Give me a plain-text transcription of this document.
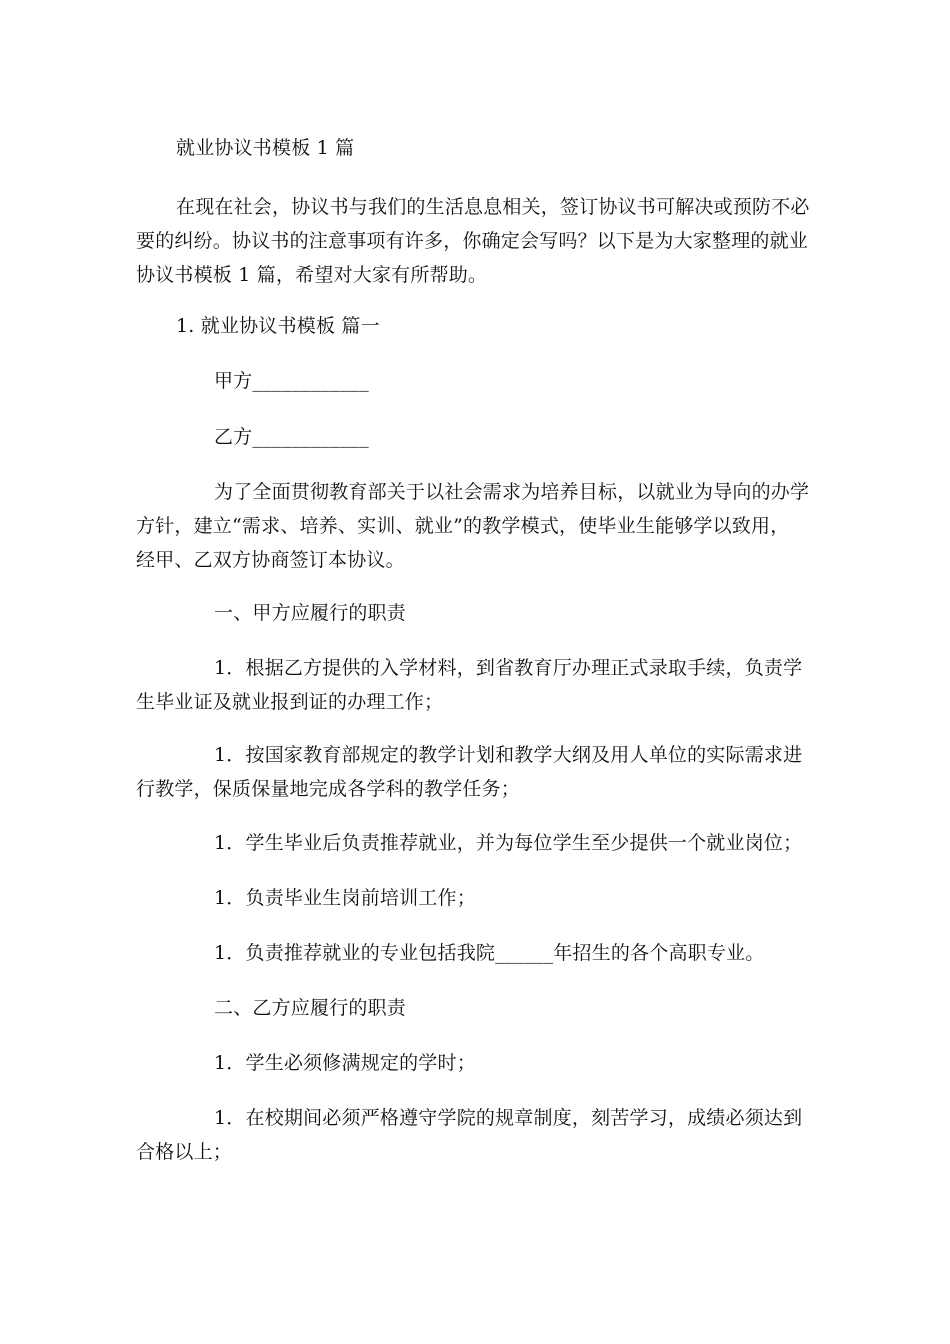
就业协议书模板 1 篇
在现在社会，协议书与我们的生活息息相关，签订协议书可解决或预防不必
要的纠纷。协议书的注意事项有许多，你确定会写吗？以下是为大家整理的就业
协议书模板 1 篇，希望对大家有所帮助。
1. 就业协议书模板 篇一
甲方____________
乙方____________
为了全面贯彻教育部关于以社会需求为培养目标，以就业为导向的办学
方针，建立“需求、培养、实训、就业”的教学模式，使毕业生能够学以致用，
经甲、乙双方协商签订本协议。
一、甲方应履行的职责
1．根据乙方提供的入学材料，到省教育厅办理正式录取手续，负责学
生毕业证及就业报到证的办理工作；
1．按国家教育部规定的教学计划和教学大纲及用人单位的实际需求进
行教学，保质保量地完成各学科的教学任务；
1．学生毕业后负责推荐就业，并为每位学生至少提供一个就业岗位；
1．负责毕业生岗前培训工作；
1．负责推荐就业的专业包括我院______年招生的各个高职专业。
二、乙方应履行的职责
1．学生必须修满规定的学时；
1．在校期间必须严格遵守学院的规章制度，刻苦学习，成绩必须达到
合格以上；
